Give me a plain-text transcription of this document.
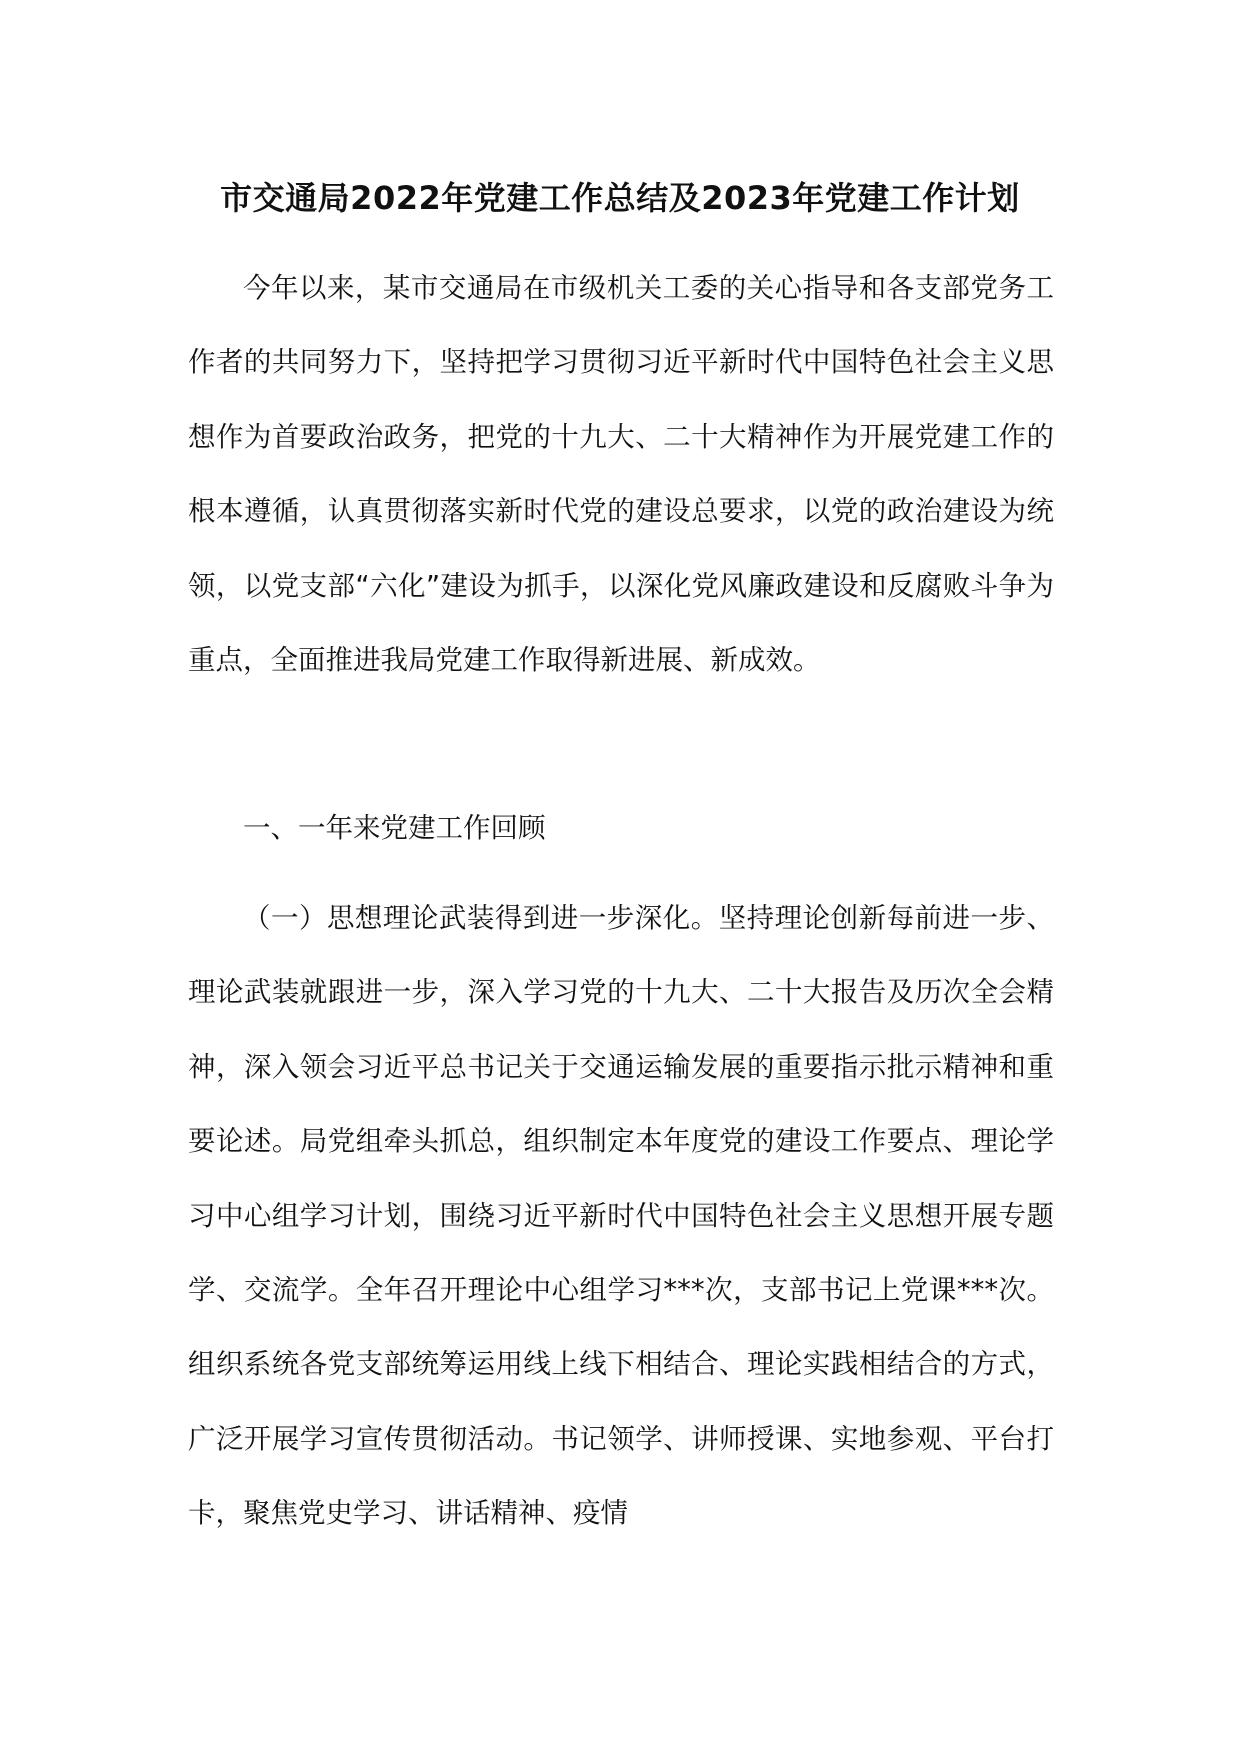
市交通局2022年党建工作总结及2023年党建工作计划

今年以来，某市交通局在市级机关工委的关心指导和各支部党务工作者的共同努力下，坚持把学习贯彻习近平新时代中国特色社会主义思想作为首要政治政务，把党的十九大、二十大精神作为开展党建工作的根本遵循，认真贯彻落实新时代党的建设总要求，以党的政治建设为统领，以党支部“六化”建设为抓手，以深化党风廉政建设和反腐败斗争为重点，全面推进我局党建工作取得新进展、新成效。

一、一年来党建工作回顾

（一）思想理论武装得到进一步深化。坚持理论创新每前进一步、理论武装就跟进一步，深入学习党的十九大、二十大报告及历次全会精神，深入领会习近平总书记关于交通运输发展的重要指示批示精神和重要论述。局党组牵头抓总，组织制定本年度党的建设工作要点、理论学习中心组学习计划，围绕习近平新时代中国特色社会主义思想开展专题学、交流学。全年召开理论中心组学习***次，支部书记上党课***次。组织系统各党支部统筹运用线上线下相结合、理论实践相结合的方式，广泛开展学习宣传贯彻活动。书记领学、讲师授课、实地参观、平台打卡，聚焦党史学习、讲话精神、疫情
